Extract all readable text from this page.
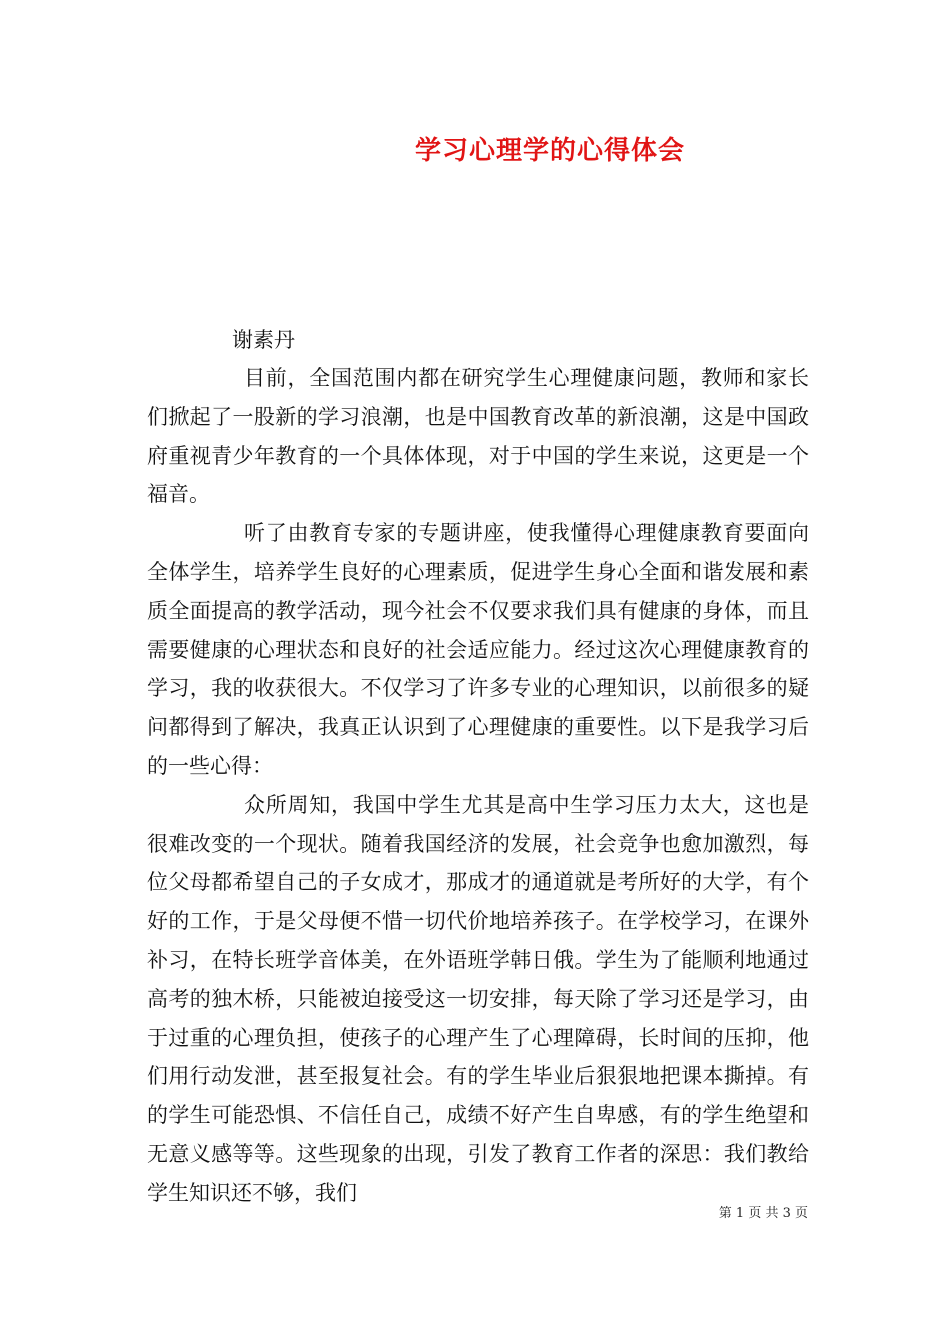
学习心理学的心得体会
谢素丹

目前，全国范围内都在研究学生心理健康问题，教师和家长们掀起了一股新的学习浪潮，也是中国教育改革的新浪潮，这是中国政府重视青少年教育的一个具体体现，对于中国的学生来说，这更是一个福音。

听了由教育专家的专题讲座，使我懂得心理健康教育要面向全体学生，培养学生良好的心理素质，促进学生身心全面和谐发展和素质全面提高的教学活动，现今社会不仅要求我们具有健康的身体，而且需要健康的心理状态和良好的社会适应能力。经过这次心理健康教育的学习，我的收获很大。不仅学习了许多专业的心理知识，以前很多的疑问都得到了解决，我真正认识到了心理健康的重要性。以下是我学习后的一些心得：

众所周知，我国中学生尤其是高中生学习压力太大，这也是很难改变的一个现状。随着我国经济的发展，社会竞争也愈加激烈，每位父母都希望自己的子女成才，那成才的通道就是考所好的大学，有个好的工作，于是父母便不惜一切代价地培养孩子。在学校学习，在课外补习，在特长班学音体美，在外语班学韩日俄。学生为了能顺利地通过高考的独木桥，只能被迫接受这一切安排，每天除了学习还是学习，由于过重的心理负担，使孩子的心理产生了心理障碍，长时间的压抑，他们用行动发泄，甚至报复社会。有的学生毕业后狠狠地把课本撕掉。有的学生可能恐惧、不信任自己，成绩不好产生自卑感，有的学生绝望和无意义感等等。这些现象的出现，引发了教育工作者的深思：我们教给学生知识还不够，我们

第 1 页 共 3 页
